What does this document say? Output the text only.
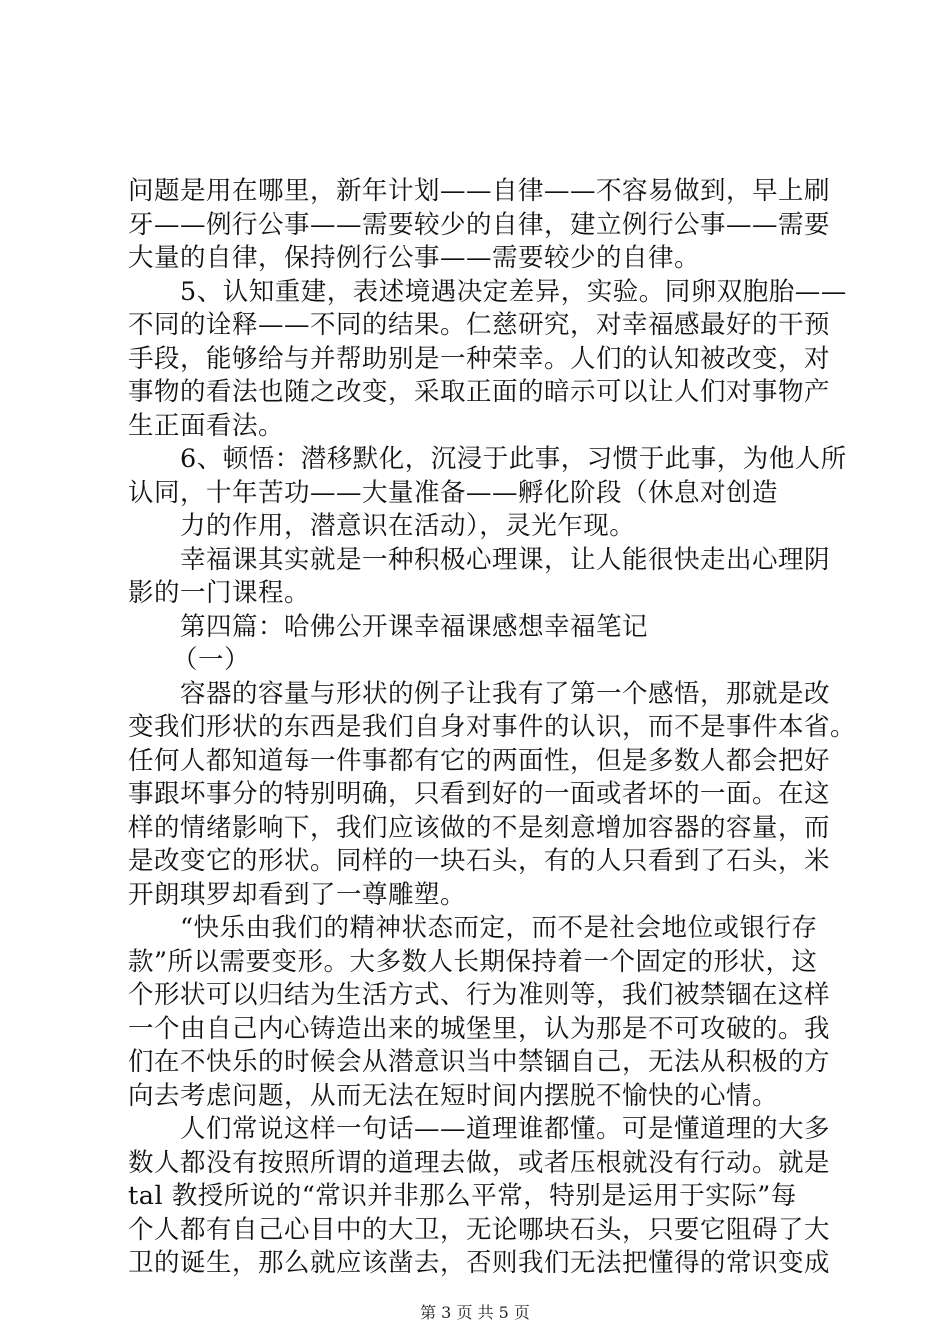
问题是用在哪里，新年计划——自律——不容易做到，早上刷
牙——例行公事——需要较少的自律，建立例行公事——需要
大量的自律，保持例行公事——需要较少的自律。
5、认知重建，表述境遇决定差异，实验。同卵双胞胎——
不同的诠释——不同的结果。仁慈研究，对幸福感最好的干预
手段，能够给与并帮助别是一种荣幸。人们的认知被改变，对
事物的看法也随之改变，采取正面的暗示可以让人们对事物产
生正面看法。
6、顿悟：潜移默化，沉浸于此事，习惯于此事，为他人所
认同，十年苦功——大量准备——孵化阶段（休息对创造
力的作用，潜意识在活动），灵光乍现。
幸福课其实就是一种积极心理课，让人能很快走出心理阴
影的一门课程。
第四篇：哈佛公开课幸福课感想幸福笔记
（一）
容器的容量与形状的例子让我有了第一个感悟，那就是改
变我们形状的东西是我们自身对事件的认识，而不是事件本省。
任何人都知道每一件事都有它的两面性，但是多数人都会把好
事跟坏事分的特别明确，只看到好的一面或者坏的一面。在这
样的情绪影响下，我们应该做的不是刻意增加容器的容量，而
是改变它的形状。同样的一块石头，有的人只看到了石头，米
开朗琪罗却看到了一尊雕塑。
“快乐由我们的精神状态而定，而不是社会地位或银行存
款”所以需要变形。大多数人长期保持着一个固定的形状，这
个形状可以归结为生活方式、行为准则等，我们被禁锢在这样
一个由自己内心铸造出来的城堡里，认为那是不可攻破的。我
们在不快乐的时候会从潜意识当中禁锢自己，无法从积极的方
向去考虑问题，从而无法在短时间内摆脱不愉快的心情。
人们常说这样一句话——道理谁都懂。可是懂道理的大多
数人都没有按照所谓的道理去做，或者压根就没有行动。就是
tal 教授所说的“常识并非那么平常，特别是运用于实际”每
个人都有自己心目中的大卫，无论哪块石头，只要它阻碍了大
卫的诞生，那么就应该凿去，否则我们无法把懂得的常识变成
第 3 页 共 5 页
